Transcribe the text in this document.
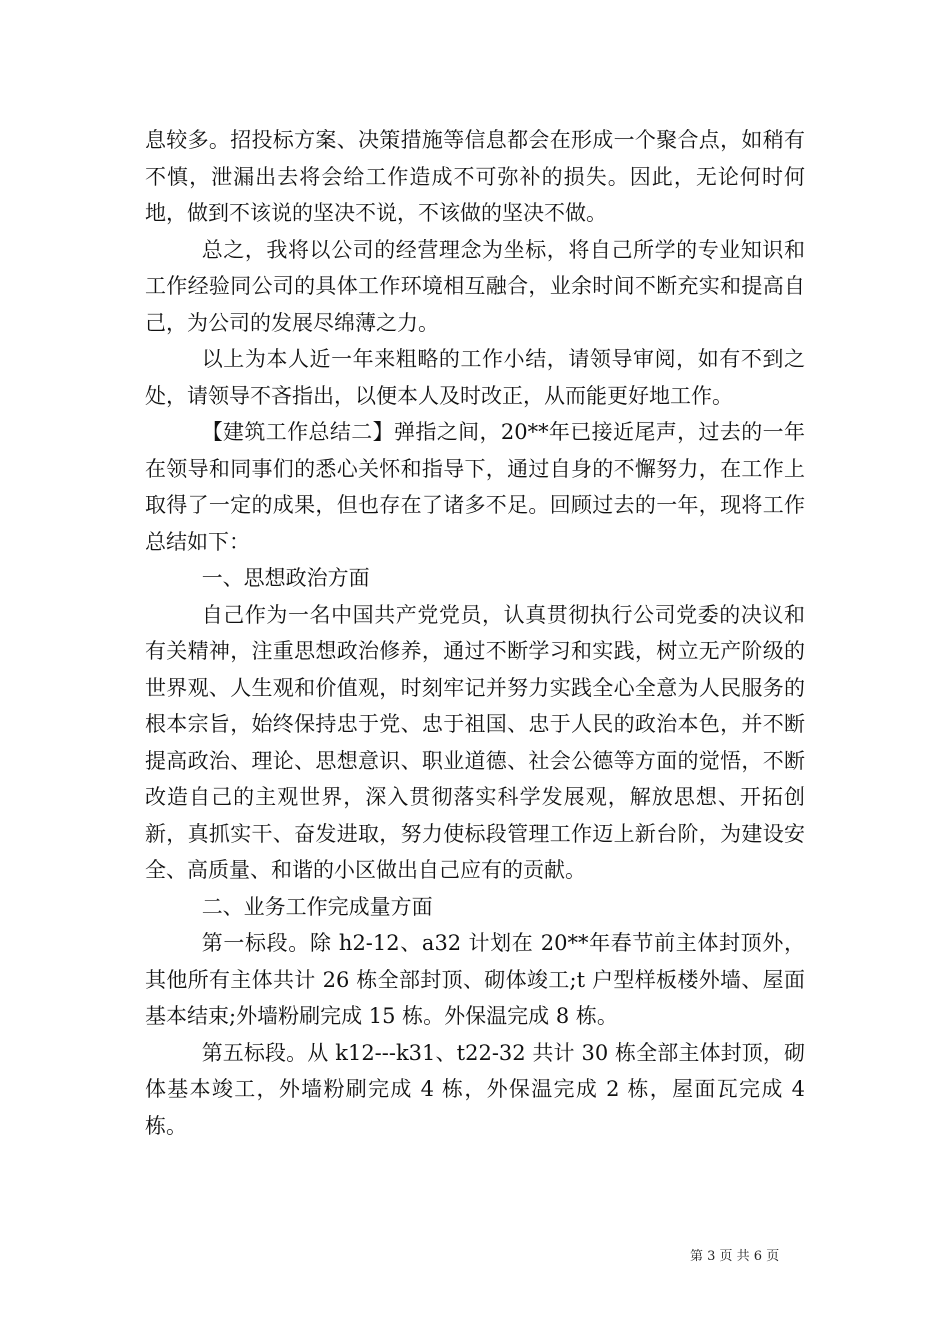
息较多。招投标方案、决策措施等信息都会在形成一个聚合点，如稍有不慎，泄漏出去将会给工作造成不可弥补的损失。因此，无论何时何地，做到不该说的坚决不说，不该做的坚决不做。

总之，我将以公司的经营理念为坐标，将自己所学的专业知识和工作经验同公司的具体工作环境相互融合，业余时间不断充实和提高自己，为公司的发展尽绵薄之力。

以上为本人近一年来粗略的工作小结，请领导审阅，如有不到之处，请领导不吝指出，以便本人及时改正，从而能更好地工作。

【建筑工作总结二】弹指之间，20**年已接近尾声，过去的一年在领导和同事们的悉心关怀和指导下，通过自身的不懈努力，在工作上取得了一定的成果，但也存在了诸多不足。回顾过去的一年，现将工作总结如下：

一、思想政治方面

自己作为一名中国共产党党员，认真贯彻执行公司党委的决议和有关精神，注重思想政治修养，通过不断学习和实践，树立无产阶级的世界观、人生观和价值观，时刻牢记并努力实践全心全意为人民服务的根本宗旨，始终保持忠于党、忠于祖国、忠于人民的政治本色，并不断提高政治、理论、思想意识、职业道德、社会公德等方面的觉悟，不断改造自己的主观世界，深入贯彻落实科学发展观，解放思想、开拓创新，真抓实干、奋发进取，努力使标段管理工作迈上新台阶，为建设安全、高质量、和谐的小区做出自己应有的贡献。

二、业务工作完成量方面

第一标段。除 h2-12、a32 计划在 20**年春节前主体封顶外，其他所有主体共计 26 栋全部封顶、砌体竣工;t 户型样板楼外墙、屋面基本结束;外墙粉刷完成 15 栋。外保温完成 8 栋。

第五标段。从 k12---k31、t22-32 共计 30 栋全部主体封顶，砌体基本竣工，外墙粉刷完成 4 栋，外保温完成 2 栋，屋面瓦完成 4 栋。

第 3 页 共 6 页
